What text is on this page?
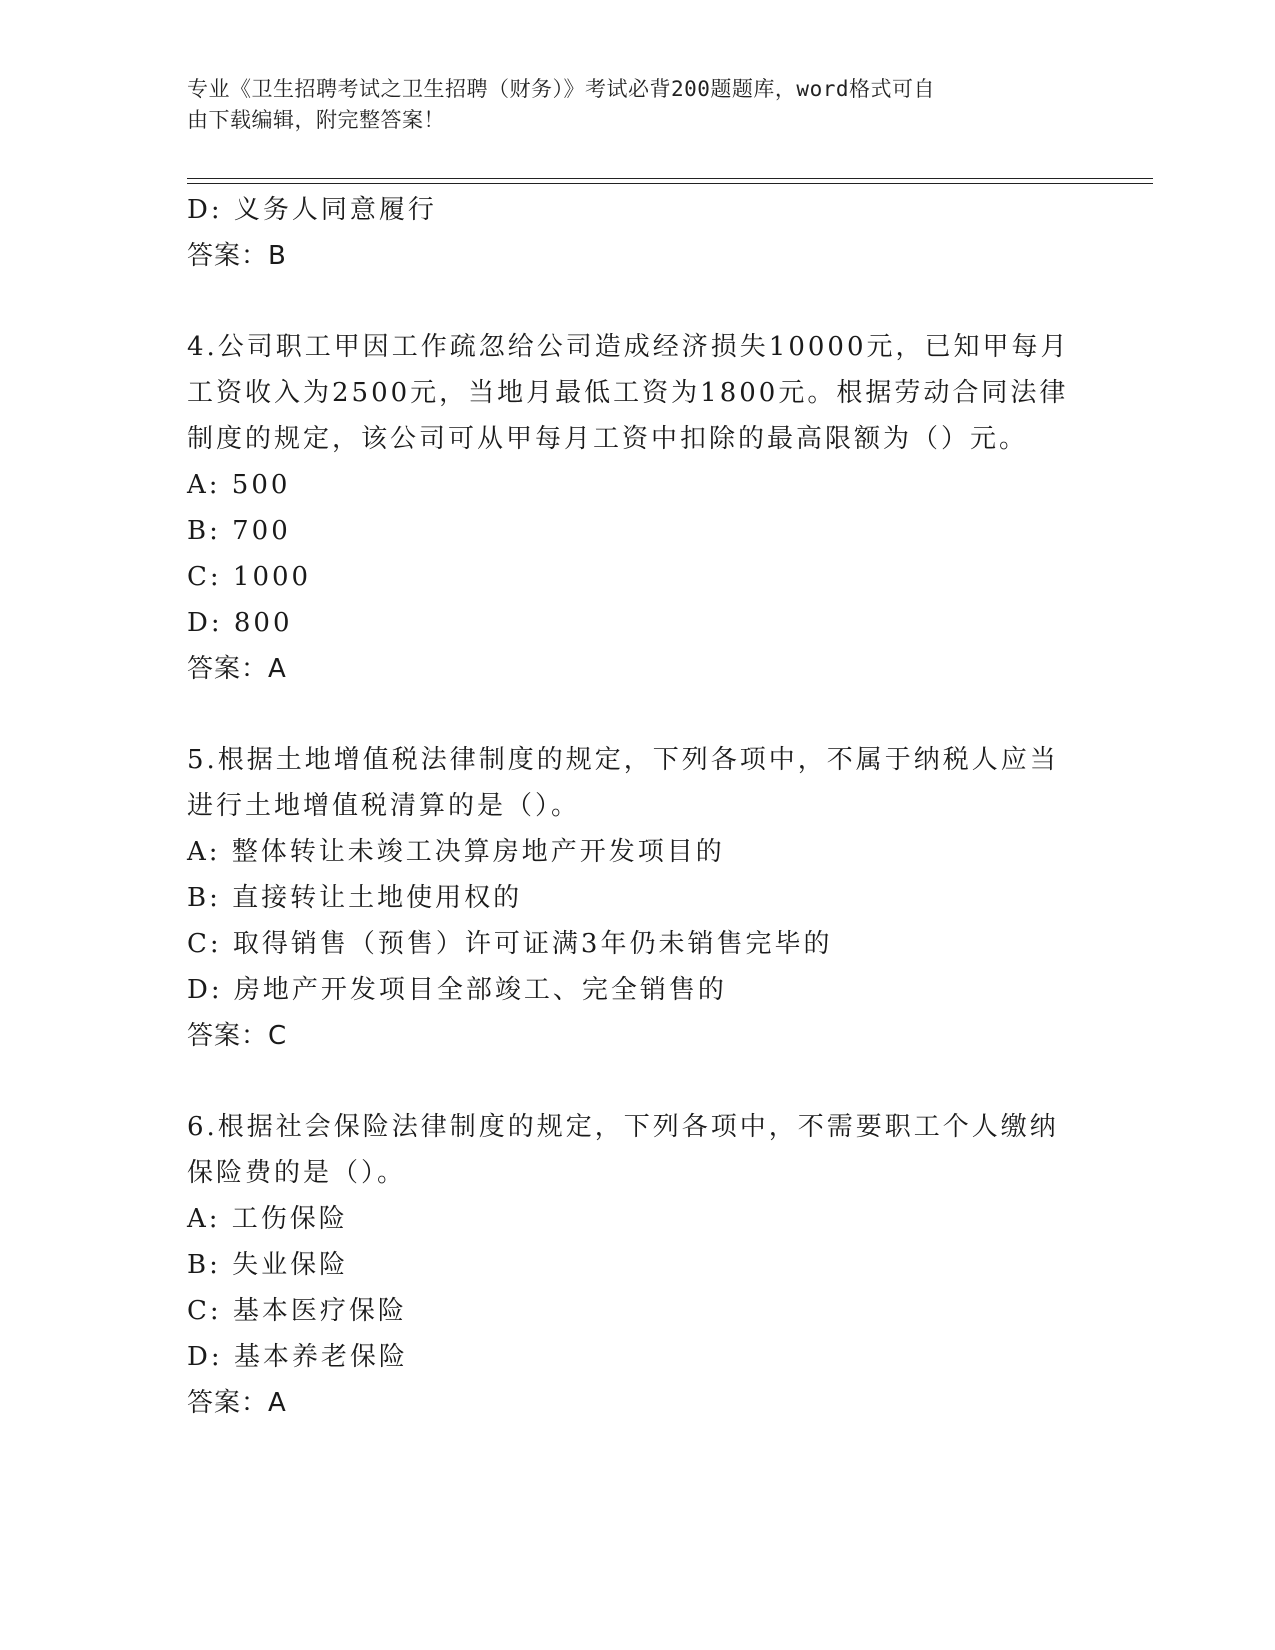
专业《卫生招聘考试之卫生招聘（财务）》考试必背200题题库，word格式可自
由下载编辑，附完整答案！
D: 义务人同意履行
答案：B
4.公司职工甲因工作疏忽给公司造成经济损失10000元，已知甲每月
工资收入为2500元，当地月最低工资为1800元。根据劳动合同法律
制度的规定，该公司可从甲每月工资中扣除的最高限额为（）元。
A: 500
B: 700
C: 1000
D: 800
答案：A
5.根据土地增值税法律制度的规定，下列各项中，不属于纳税人应当
进行土地增值税清算的是（）。
A: 整体转让未竣工决算房地产开发项目的
B: 直接转让土地使用权的
C: 取得销售（预售）许可证满3年仍未销售完毕的
D: 房地产开发项目全部竣工、完全销售的
答案：C
6.根据社会保险法律制度的规定，下列各项中，不需要职工个人缴纳
保险费的是（）。
A: 工伤保险
B: 失业保险
C: 基本医疗保险
D: 基本养老保险
答案：A
